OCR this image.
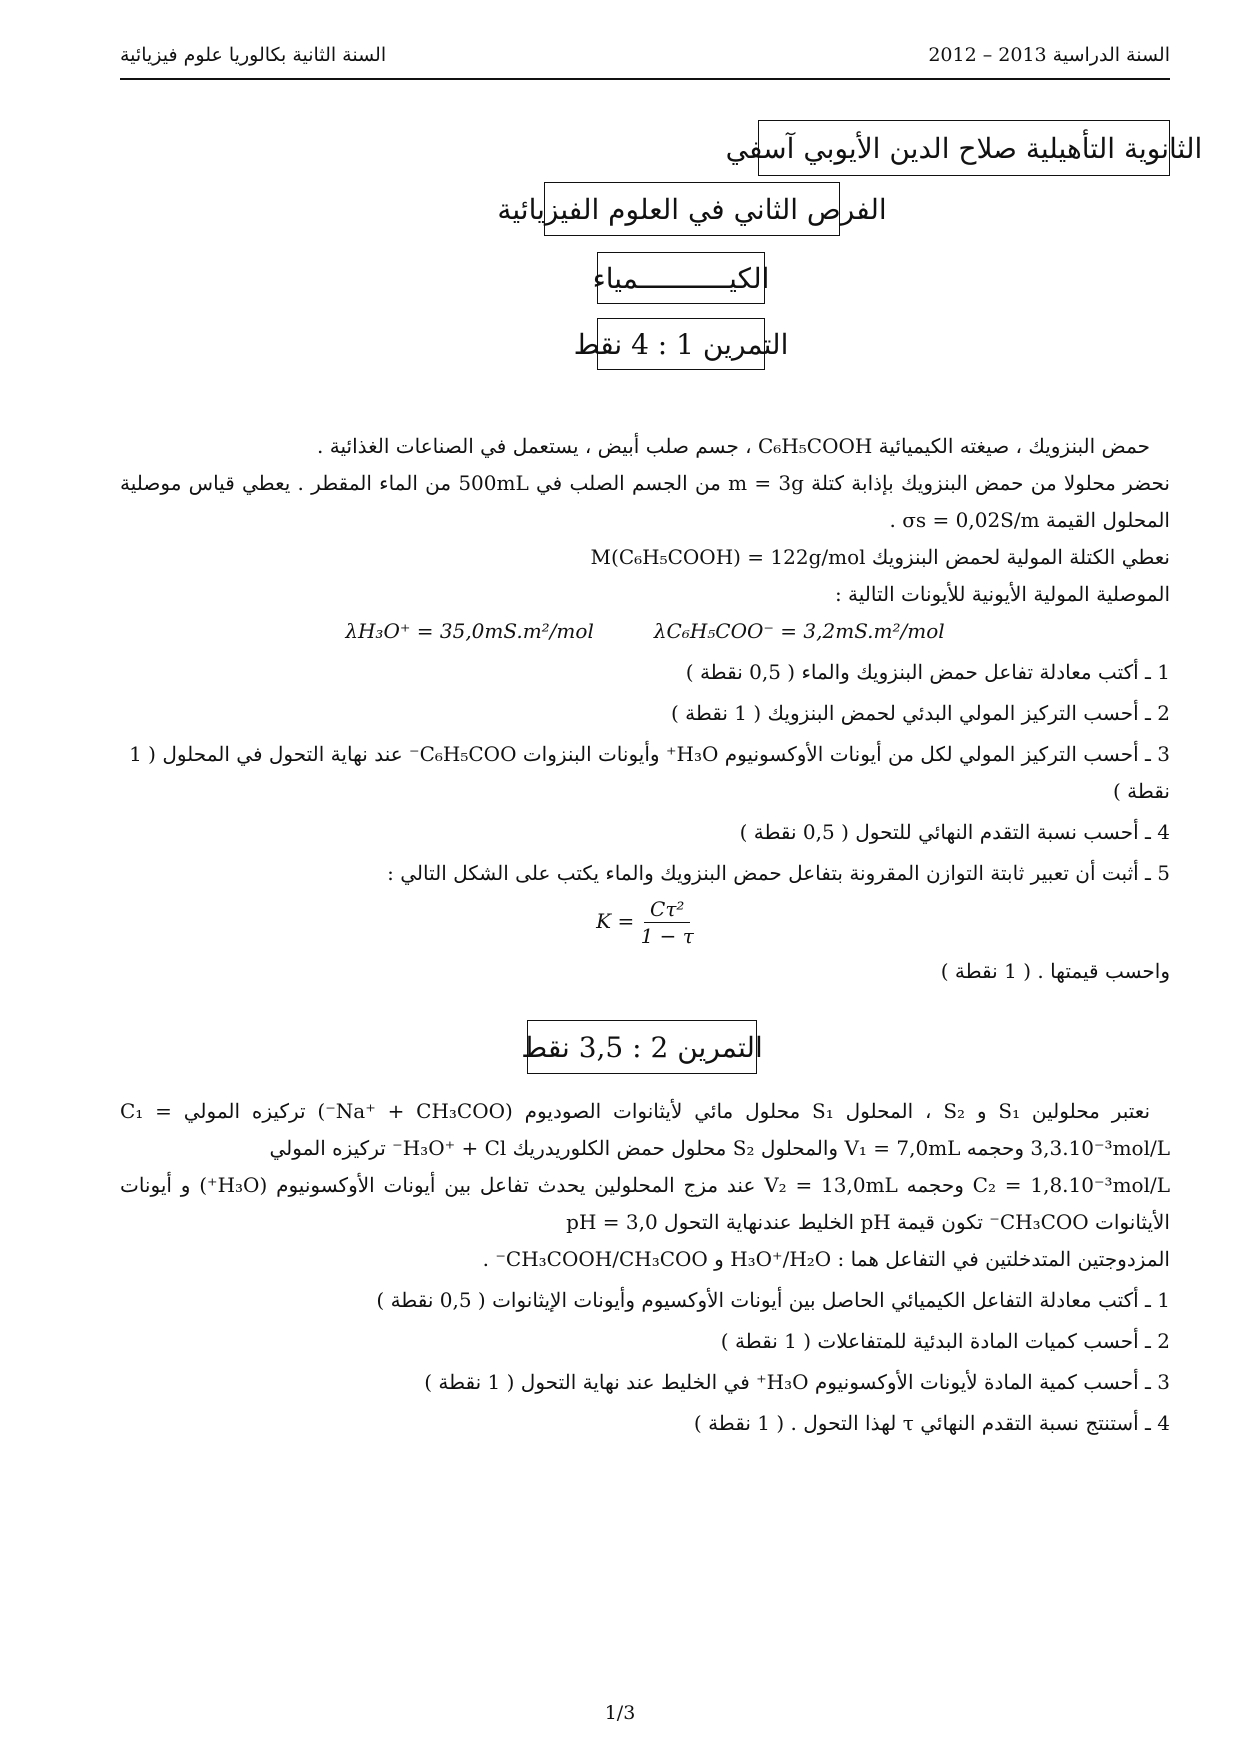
السنة الدراسية 2013 – 2012
السنة الثانية بكالوريا علوم فيزيائية
الثانوية التأهيلية صلاح الدين الأيوبي آسفي
الفرص الثاني في العلوم الفيزيائية
الكيـــــــــــمياء
التمرين 1 : 4 نقط

حمض البنزويك ، صيغته الكيميائية C₆H₅COOH ، جسم صلب أبيض ، يستعمل في الصناعات الغذائية .

نحضر محلولا من حمض البنزويك بإذابة كتلة m = 3g من الجسم الصلب في 500mL من الماء المقطر . يعطي قياس موصلية المحلول القيمة σs = 0,02S/m .

نعطي الكتلة المولية لحمض البنزويك M(C₆H₅COOH) = 122g/mol

الموصلية المولية الأيونية للأيونات التالية :

λH₃O⁺ = 35,0mS.m²/mol	λC₆H₅COO⁻ = 3,2mS.m²/mol

1 ـ أكتب معادلة تفاعل حمض البنزويك والماء ( 0,5 نقطة )

2 ـ أحسب التركيز المولي البدئي لحمض البنزويك ( 1 نقطة )

3 ـ أحسب التركيز المولي لكل من أيونات الأوكسونيوم H₃O⁺ وأيونات البنزوات C₆H₅COO⁻ عند نهاية التحول في المحلول ( 1 نقطة )

4 ـ أحسب نسبة التقدم النهائي للتحول ( 0,5 نقطة )

5 ـ أثبت أن تعبير ثابتة التوازن المقرونة بتفاعل حمض البنزويك والماء يكتب على الشكل التالي :

$K = \frac{\text{Cτ²}}{1 - \tau}$

واحسب قيمتها . ( 1 نقطة )

التمرين 2 : 3,5 نقط

نعتبر محلولين S₁ و S₂ ، المحلول S₁ محلول مائي لأيثانوات الصوديوم (Na⁺ + CH₃COO⁻) تركيزه المولي C₁ = 3,3.10⁻³mol/L وحجمه V₁ = 7,0mL والمحلول S₂ محلول حمض الكلوريدريك H₃O⁺ + Cl⁻ تركيزه المولي

C₂ = 1,8.10⁻³mol/L وحجمه V₂ = 13,0mL عند مزج المحلولين يحدث تفاعل بين أيونات الأوكسونيوم (H₃O⁺) و أيونات الأيثانوات CH₃COO⁻ تكون قيمة pH الخليط عندنهاية التحول pH = 3,0

المزدوجتين المتدخلتين في التفاعل هما : H₃O⁺/H₂O و CH₃COOH/CH₃COO⁻ .

1 ـ أكتب معادلة التفاعل الكيميائي الحاصل بين أيونات الأوكسيوم وأيونات الإيثانوات ( 0,5 نقطة )

2 ـ أحسب كميات المادة البدئية للمتفاعلات ( 1 نقطة )

3 ـ أحسب كمية المادة لأيونات الأوكسونيوم H₃O⁺ في الخليط عند نهاية التحول ( 1 نقطة )

4 ـ أستنتج نسبة التقدم النهائي τ لهذا التحول . ( 1 نقطة )

1/3
